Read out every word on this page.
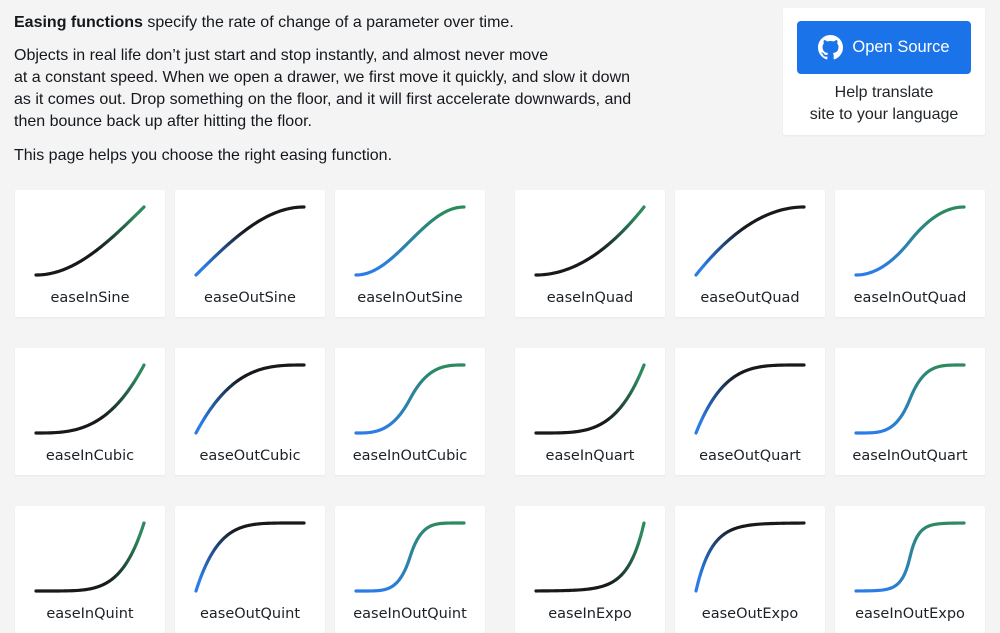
Easing functions specify the rate of change of a parameter over time.

Objects in real life don’t just start and stop instantly, and almost never move
at a constant speed. When we open a drawer, we first move it quickly, and slow it down
as it comes out. Drop something on the floor, and it will first accelerate downwards, and
then bounce back up after hitting the floor.

This page helps you choose the right easing function.

Open Source
Help translate
site to your language
easeInSine	easeOutSine	easeInOutSine	easeInQuad	easeOutQuad	easeInOutQuad
easeInCubic	easeOutCubic	easeInOutCubic	easeInQuart	easeOutQuart	easeInOutQuart
easeInQuint	easeOutQuint	easeInOutQuint	easeInExpo	easeOutExpo	easeInOutExpo
